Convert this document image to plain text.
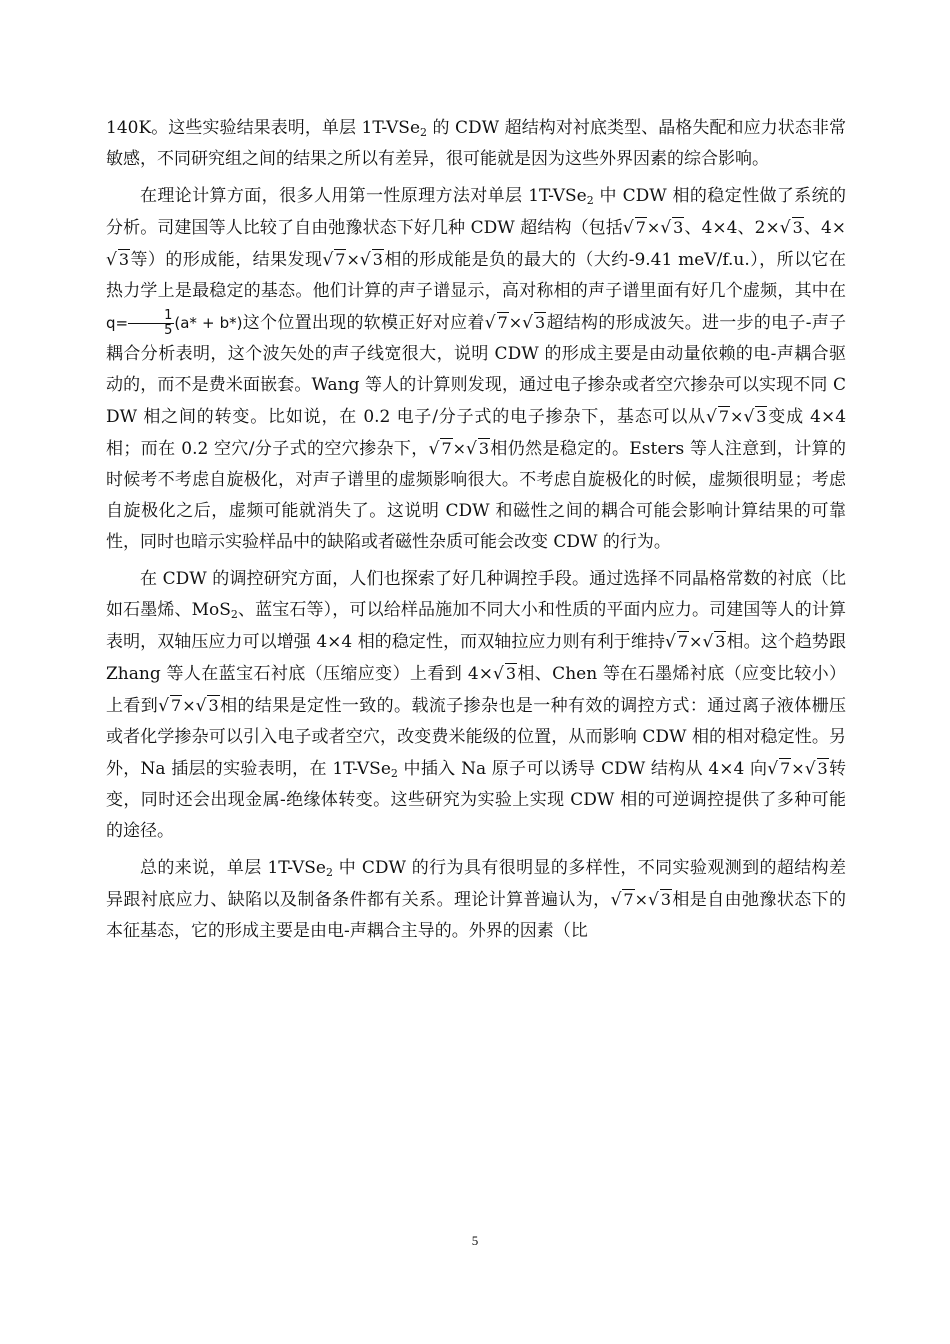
140K。这些实验结果表明，单层 1T-VSe$_2$ 的 CDW 超结构对衬底类型、晶格失配和应力状态非常敏感，不同研究组之间的结果之所以有差异，很可能就是因为这些外界因素的综合影响。

在理论计算方面，很多人用第一性原理方法对单层 1T-VSe$_2$ 中 CDW 相的稳定性做了系统的分析。司建国等人比较了自由弛豫状态下好几种 CDW 超结构（包括√ 7×√ 3、4×4、2×√ 3、4×√ 3等）的形成能，结果发现√ 7×√ 3相的形成能是负的最大的（大约-9.41 meV/f.u.），所以它在热力学上是最稳定的基态。他们计算的声子谱显示，高对称相的声子谱里面有好几个虚频，其中在$q= \frac{1}{5} (a* + b*)$这个位置出现的软模正好对应着√ 7×√ 3超结构的形成波矢。进一步的电子-声子耦合分析表明，这个波矢处的声子线宽很大，说明 CDW 的形成主要是由动量依赖的电-声耦合驱动的，而不是费米面嵌套。Wang 等人的计算则发现，通过电子掺杂或者空穴掺杂可以实现不同 CDW 相之间的转变。比如说，在 0.2 电子/分子式的电子掺杂下，基态可以从√ 7×√ 3变成 4×4 相；而在 0.2 空穴/分子式的空穴掺杂下，√ 7×√ 3相仍然是稳定的。Esters 等人注意到，计算的时候考不考虑自旋极化，对声子谱里的虚频影响很大。不考虑自旋极化的时候，虚频很明显；考虑自旋极化之后，虚频可能就消失了。这说明 CDW 和磁性之间的耦合可能会影响计算结果的可靠性，同时也暗示实验样品中的缺陷或者磁性杂质可能会改变 CDW 的行为。

在 CDW 的调控研究方面，人们也探索了好几种调控手段。通过选择不同晶格常数的衬底（比如石墨烯、MoS$_2$、蓝宝石等），可以给样品施加不同大小和性质的平面内应力。司建国等人的计算表明，双轴压应力可以增强 4×4 相的稳定性，而双轴拉应力则有利于维持√ 7×√ 3相。这个趋势跟 Zhang 等人在蓝宝石衬底（压缩应变）上看到 4×√ 3相、Chen 等在石墨烯衬底（应变比较小）上看到√ 7×√ 3相的结果是定性一致的。载流子掺杂也是一种有效的调控方式：通过离子液体栅压或者化学掺杂可以引入电子或者空穴，改变费米能级的位置，从而影响 CDW 相的相对稳定性。另外，Na 插层的实验表明，在 1T-VSe$_2$ 中插入 Na 原子可以诱导 CDW 结构从 4×4 向√ 7×√ 3转变，同时还会出现金属-绝缘体转变。这些研究为实验上实现 CDW 相的可逆调控提供了多种可能的途径。

总的来说，单层 1T-VSe$_2$ 中 CDW 的行为具有很明显的多样性，不同实验观测到的超结构差异跟衬底应力、缺陷以及制备条件都有关系。理论计算普遍认为，√ 7×√ 3相是自由弛豫状态下的本征基态，它的形成主要是由电-声耦合主导的。外界的因素（比

5
